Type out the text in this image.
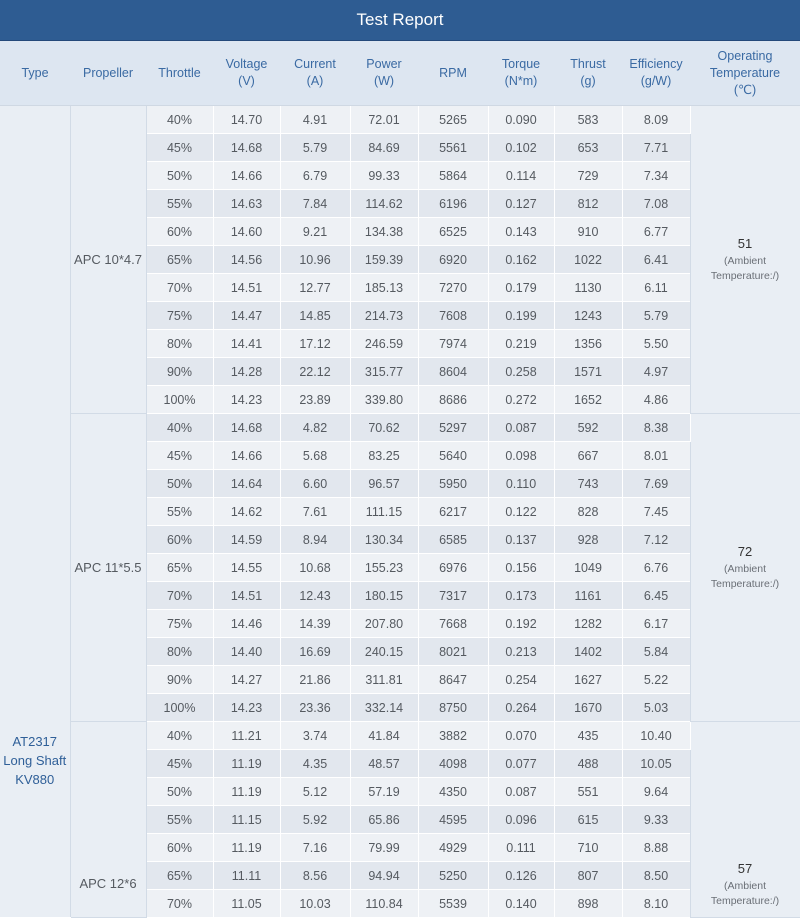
Test Report
Type	Propeller	Throttle	Voltage
(V)	Current
(A)	Power
(W)	RPM	Torque
(N*m)	Thrust
(g)	Efficiency
(g/W)	Operating
Temperature
(℃)

AT2317
Long Shaft
KV880	APC 10*4.7	40%	14.70	4.91	72.01	5265	0.090	583	8.09	51
(Ambient
Temperature:/)

		45%	14.68	5.79	84.69	5561	0.102	653	7.71	
		50%	14.66	6.79	99.33	5864	0.114	729	7.34	
		55%	14.63	7.84	114.62	6196	0.127	812	7.08	
		60%	14.60	9.21	134.38	6525	0.143	910	6.77	
		65%	14.56	10.96	159.39	6920	0.162	1022	6.41	
		70%	14.51	12.77	185.13	7270	0.179	1130	6.11	
		75%	14.47	14.85	214.73	7608	0.199	1243	5.79	
		80%	14.41	17.12	246.59	7974	0.219	1356	5.50	
		90%	14.28	22.12	315.77	8604	0.258	1571	4.97	
		100%	14.23	23.89	339.80	8686	0.272	1652	4.86	
	APC 11*5.5	40%	14.68	4.82	70.62	5297	0.087	592	8.38	72
(Ambient
Temperature:/)

		45%	14.66	5.68	83.25	5640	0.098	667	8.01	
		50%	14.64	6.60	96.57	5950	0.110	743	7.69	
		55%	14.62	7.61	111.15	6217	0.122	828	7.45	
		60%	14.59	8.94	130.34	6585	0.137	928	7.12	
		65%	14.55	10.68	155.23	6976	0.156	1049	6.76	
		70%	14.51	12.43	180.15	7317	0.173	1161	6.45	
		75%	14.46	14.39	207.80	7668	0.192	1282	6.17	
		80%	14.40	16.69	240.15	8021	0.213	1402	5.84	
		90%	14.27	21.86	311.81	8647	0.254	1627	5.22	
		100%	14.23	23.36	332.14	8750	0.264	1670	5.03	
	APC 12*6	40%	11.21	3.74	41.84	3882	0.070	435	10.40	57
(Ambient
Temperature:/)

		45%	11.19	4.35	48.57	4098	0.077	488	10.05	
		50%	11.19	5.12	57.19	4350	0.087	551	9.64	
		55%	11.15	5.92	65.86	4595	0.096	615	9.33	
		60%	11.19	7.16	79.99	4929	0.111	710	8.88	
		65%	11.11	8.56	94.94	5250	0.126	807	8.50	
		70%	11.05	10.03	110.84	5539	0.140	898	8.10	
